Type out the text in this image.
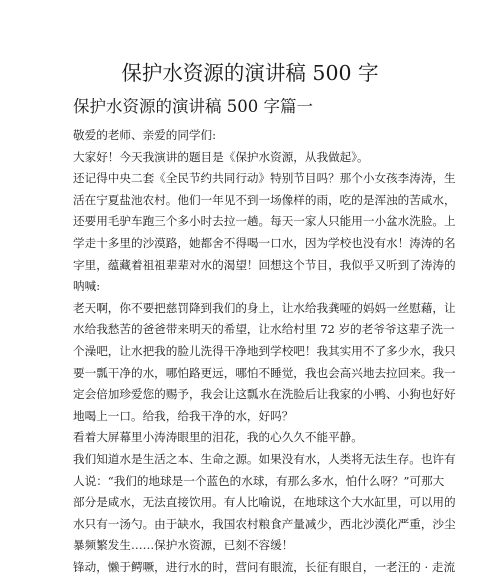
保护水资源的演讲稿 500 字
保护水资源的演讲稿 500 字篇一
敬爱的老师、亲爱的同学们:
大家好！今天我演讲的题目是《保护水资源，从我做起》。
还记得中央二套《全民节约共同行动》特别节目吗？那个小女孩李涛涛，生
活在宁夏盐池农村。他们一年见不到一场像样的雨，吃的是浑浊的苦咸水，
还要用毛驴车跑三个多小时去拉一趟。每天一家人只能用一小盆水洗脸。上
学走十多里的沙漠路，她都舍不得喝一口水，因为学校也没有水！涛涛的名
字里，蕴藏着祖祖辈辈对水的渴望！回想这个节目，我似乎又听到了涛涛的
呐喊:
老天啊，你不要把慈罚降到我们的身上，让水给我龚哑的妈妈一丝慰藉，让
水给我愁苦的爸爸带来明天的希望，让水给村里 72 岁的老爷爷这辈子洗一
个澡吧，让水把我的脸儿洗得干净地到学校吧！我其实用不了多少水，我只
要一瓢干净的水，哪怕路更远，哪怕不睡觉，我也会高兴地去拉回来。我一
定会倍加珍爱您的赐予，我会让这瓢水在洗脸后让我家的小鸭、小狗也好好
地喝上一口。给我，给我干净的水，好吗？
看着大屏幕里小涛涛眼里的泪花，我的心久久不能平静。
我们知道水是生活之本、生命之源。如果没有水，人类将无法生存。也许有
人说：“我们的地球是一个蓝色的水球，有那么多水，怕什么呀？”可那大
部分是咸水，无法直接饮用。有人比喻说，在地球这个大水缸里，可以用的
水只有一汤勺。由于缺水，我国农村粮食产量减少，西北沙漠化严重，沙尘
暴频繁发生……保护水资源，已刻不容缓！
锋动，懒于鳄噘，进行水的时，营问有眼流，长征有眼自，一老汪的 · 走流
